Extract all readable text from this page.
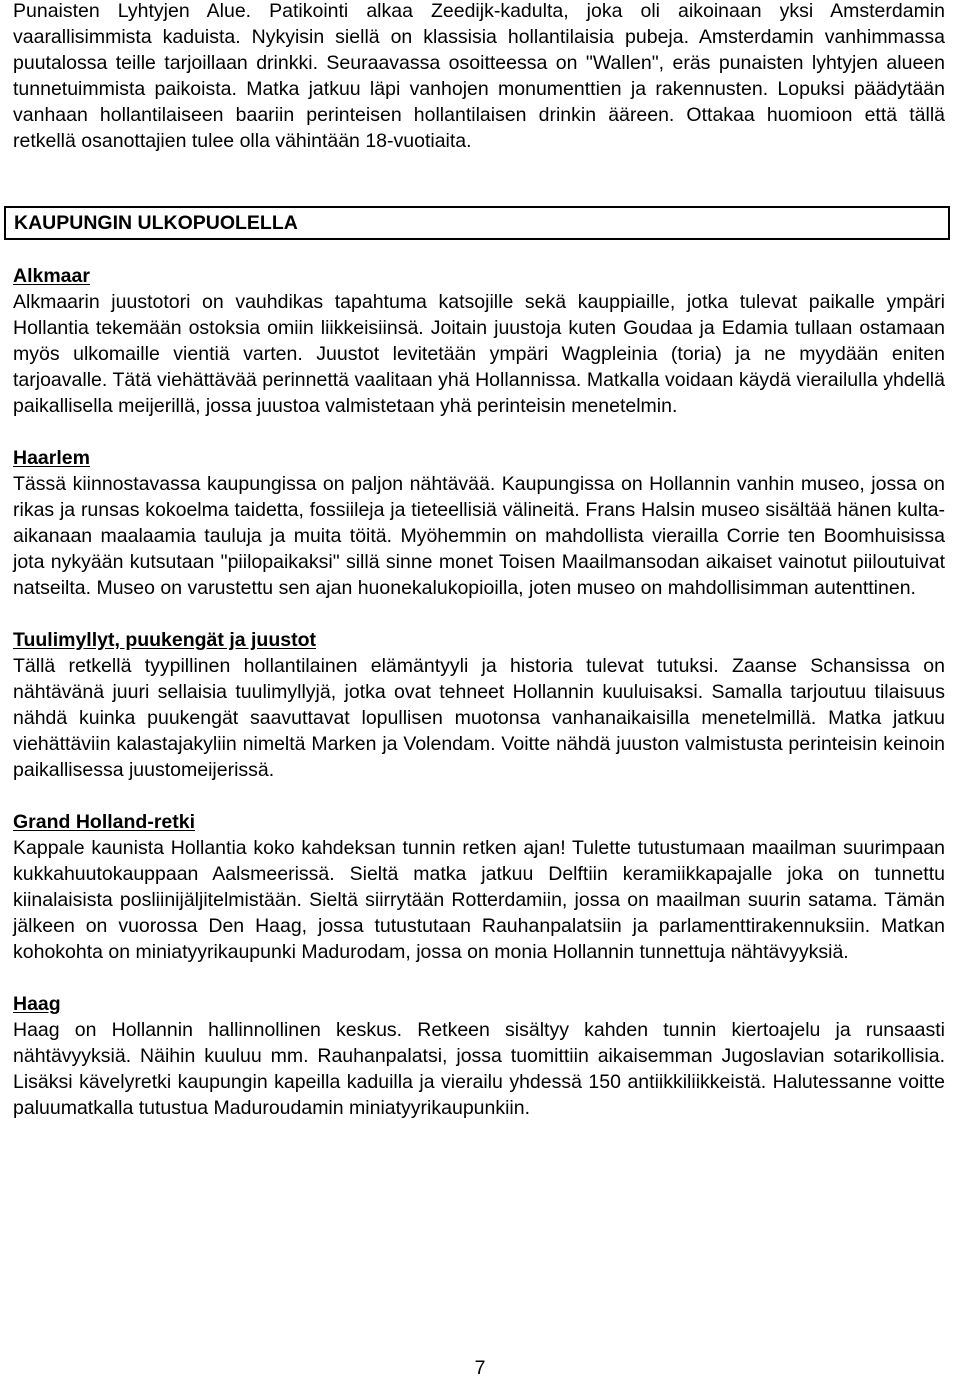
Punaisten Lyhtyjen Alue. Patikointi alkaa Zeedijk-kadulta, joka oli aikoinaan yksi Amsterdamin vaarallisimmista kaduista. Nykyisin siellä on klassisia hollantilaisia pubeja. Amsterdamin vanhimmassa puutalossa teille tarjoillaan drinkki. Seuraavassa osoitteessa on "Wallen", eräs punaisten lyhtyjen alueen tunnetuimmista paikoista. Matka jatkuu läpi vanhojen monumenttien ja rakennusten. Lopuksi päädytään vanhaan hollantilaiseen baariin perinteisen hollantilaisen drinkin ääreen. Ottakaa huomioon että tällä retkellä osanottajien tulee olla vähintään 18-vuotiaita.

KAUPUNGIN ULKOPUOLELLA
Alkmaar

Alkmaarin juustotori on vauhdikas tapahtuma katsojille sekä kauppiaille, jotka tulevat paikalle ympäri Hollantia tekemään ostoksia omiin liikkeisiinsä. Joitain juustoja kuten Goudaa ja Edamia tullaan ostamaan myös ulkomaille vientiä varten. Juustot levitetään ympäri Wagpleinia (toria) ja ne myydään eniten tarjoavalle. Tätä viehättävää perinnettä vaalitaan yhä Hollannissa. Matkalla voidaan käydä vierailulla yhdellä paikallisella meijerillä, jossa juustoa valmistetaan yhä perinteisin menetelmin.

Haarlem

Tässä kiinnostavassa kaupungissa on paljon nähtävää. Kaupungissa on Hollannin vanhin museo, jossa on rikas ja runsas kokoelma taidetta, fossiileja ja tieteellisiä välineitä. Frans Halsin museo sisältää hänen kulta-aikanaan maalaamia tauluja ja muita töitä. Myöhemmin on mahdollista vierailla Corrie ten Boomhuisissa jota nykyään kutsutaan "piilopaikaksi" sillä sinne monet Toisen Maailmansodan aikaiset vainotut piiloutuivat natseilta. Museo on varustettu sen ajan huonekalukopioilla, joten museo on mahdollisimman autenttinen.

Tuulimyllyt, puukengät ja juustot

Tällä retkellä tyypillinen hollantilainen elämäntyyli ja historia tulevat tutuksi. Zaanse Schansissa on nähtävänä juuri sellaisia tuulimyllyjä, jotka ovat tehneet Hollannin kuuluisaksi. Samalla tarjoutuu tilaisuus nähdä kuinka puukengät saavuttavat lopullisen muotonsa vanhanaikaisilla menetelmillä. Matka jatkuu viehättäviin kalastajakyliin nimeltä Marken ja Volendam. Voitte nähdä juuston valmistusta perinteisin keinoin paikallisessa juustomeijerissä.

Grand Holland-retki

Kappale kaunista Hollantia koko kahdeksan tunnin retken ajan! Tulette tutustumaan maailman suurimpaan kukkahuutokauppaan Aalsmeerissä. Sieltä matka jatkuu Delftiin keramiikkapajalle joka on tunnettu kiinalaisista posliinijäljitelmistään. Sieltä siirrytään Rotterdamiin, jossa on maailman suurin satama. Tämän jälkeen on vuorossa Den Haag, jossa tutustutaan Rauhanpalatsiin ja parlamenttirakennuksiin. Matkan kohokohta on miniatyyrikaupunki Madurodam, jossa on monia Hollannin tunnettuja nähtävyyksiä.

Haag

Haag on Hollannin hallinnollinen keskus. Retkeen sisältyy kahden tunnin kiertoajelu ja runsaasti nähtävyyksiä. Näihin kuuluu mm. Rauhanpalatsi, jossa tuomittiin aikaisemman Jugoslavian sotarikollisia. Lisäksi kävelyretki kaupungin kapeilla kaduilla ja vierailu yhdessä 150 antiikkiliikkeistä. Halutessanne voitte paluumatkalla tutustua Maduroudamin miniatyyrikaupunkiin.

7
